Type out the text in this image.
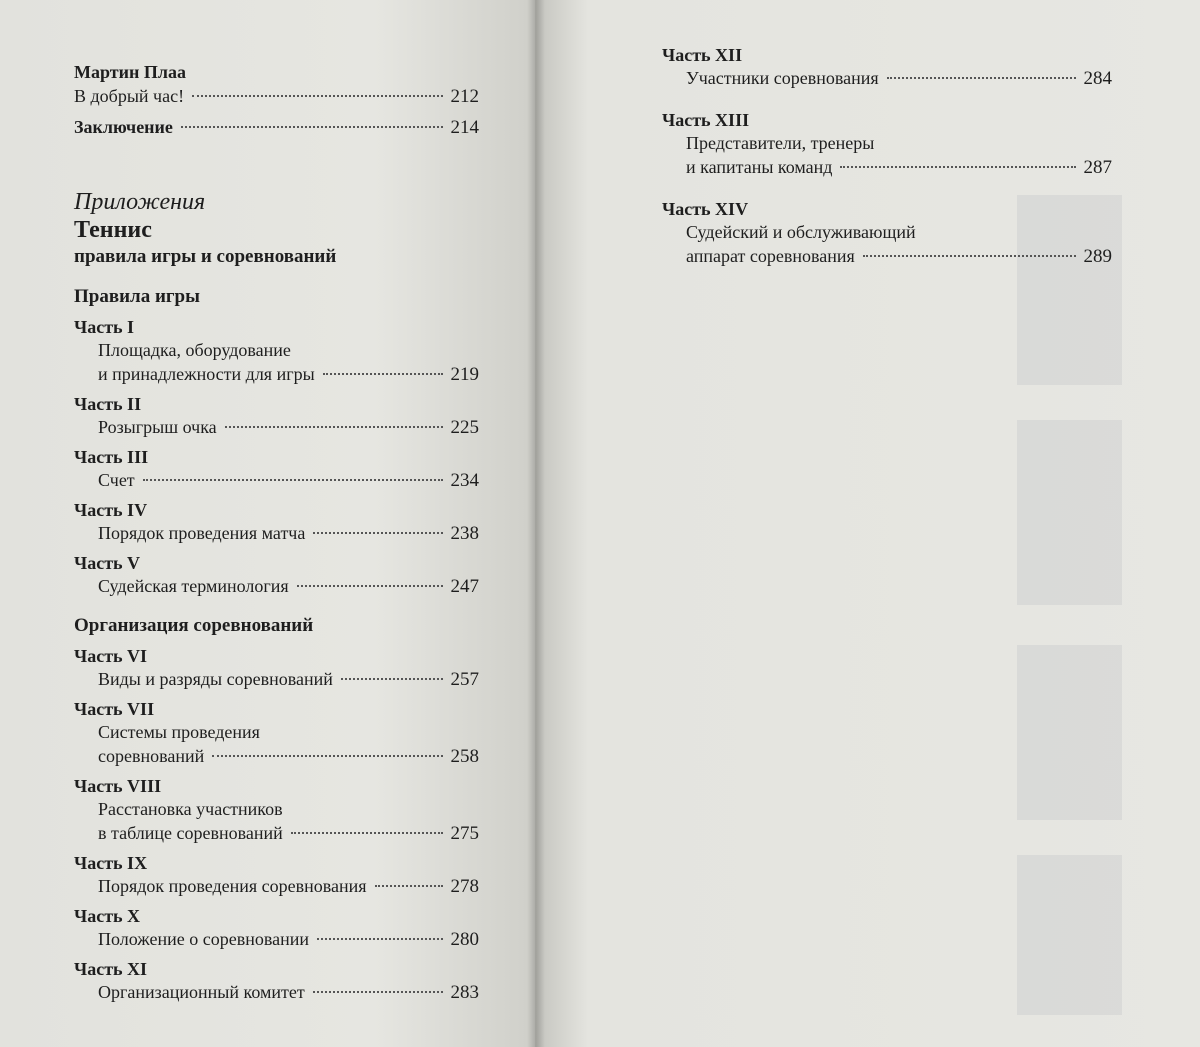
Мартин Плаа
В добрый час!	212
Заключение	214
Приложения
Теннис
правила игры и соревнований
Правила игры
Часть I
Площадка, оборудование
и принадлежности для игры	219
Часть II
Розыгрыш очка	225
Часть III
Счет	234
Часть IV
Порядок проведения матча	238
Часть V
Судейская терминология	247
Организация соревнований
Часть VI
Виды и разряды соревнований	257
Часть VII
Системы проведения
соревнований	258
Часть VIII
Расстановка участников
в таблице соревнований	275
Часть IX
Порядок проведения соревнования	278
Часть X
Положение о соревновании	280
Часть XI
Организационный комитет	283
Часть XII
Участники соревнования	284
Часть XIII
Представители, тренеры
и капитаны команд	287
Часть XIV
Судейский и обслуживающий
аппарат соревнования	289
